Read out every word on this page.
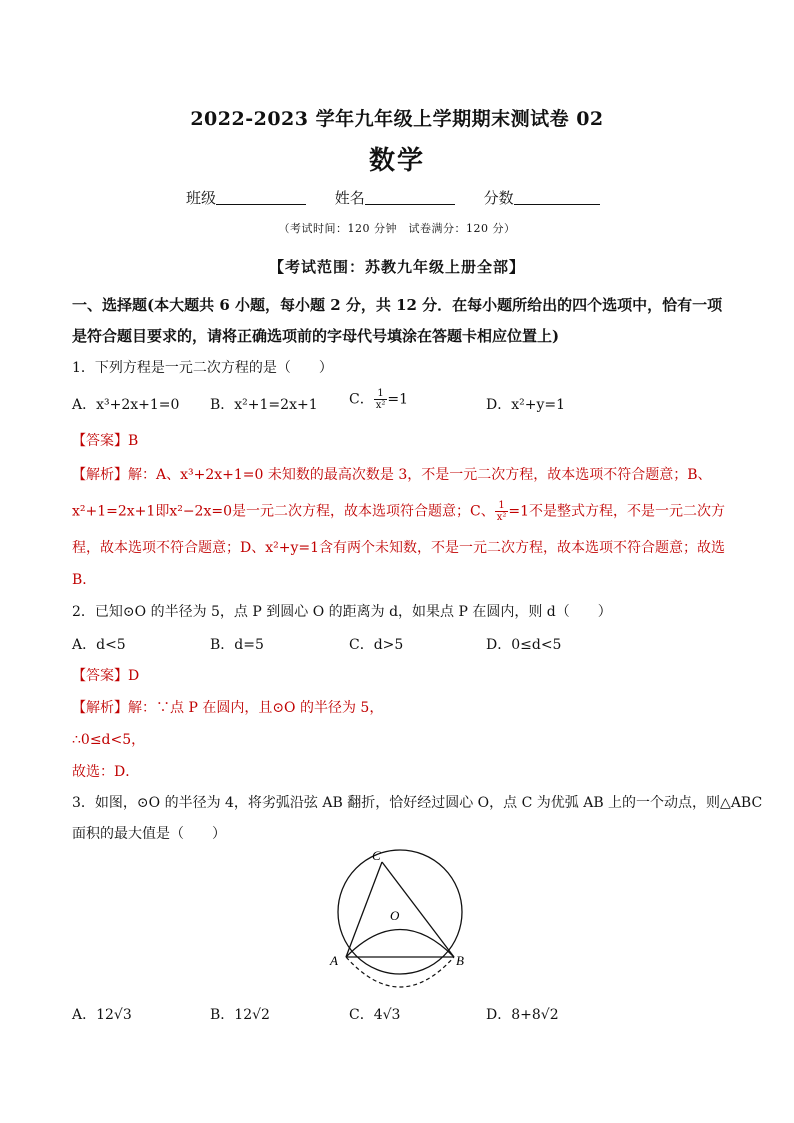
2022-2023 学年九年级上学期期末测试卷 02
数学
班级	姓名	分数
（考试时间：120 分钟　试卷满分：120 分）
【考试范围：苏教九年级上册全部】
一、选择题(本大题共 6 小题，每小题 2 分，共 12 分．在每小题所给出的四个选项中，恰有一项是符合题目要求的，请将正确选项前的字母代号填涂在答题卡相应位置上)
1．下列方程是一元二次方程的是（　　）
A．x³+2x+1=0 B．x²+1=2x+1 C． $\frac{1}{\text{x²}} =1$	D．x²+y=1
【答案】B
【解析】解：A、x³+2x+1=0 未知数的最高次数是 3，不是一元二次方程，故本选项不符合题意；B、
x²+1=2x+1即x²−2x=0是一元二次方程，故本选项符合题意；C、 $\frac{1}{\text{x²}} =1$不是整式方程，不是一元二次方
程，故本选项不符合题意；D、x²+y=1含有两个未知数，不是一元二次方程，故本选项不符合题意；故选
B．
2．已知⊙O 的半径为 5，点 P 到圆心 O 的距离为 d，如果点 P 在圆内，则 d（　　）
A．d<5	B．d=5	C．d>5	D．0≤d<5
【答案】D
【解析】解：∵点 P 在圆内，且⊙O 的半径为 5，
∴0≤d<5，
故选：D．
3．如图，⊙O 的半径为 4，将劣弧沿弦 AB 翻折，恰好经过圆心 O，点 C 为优弧 AB 上的一个动点，则△ABC
面积的最大值是（　　）
C
O
A	B
A．12√3	B．12√2	C．4√3	D．8+8√2
